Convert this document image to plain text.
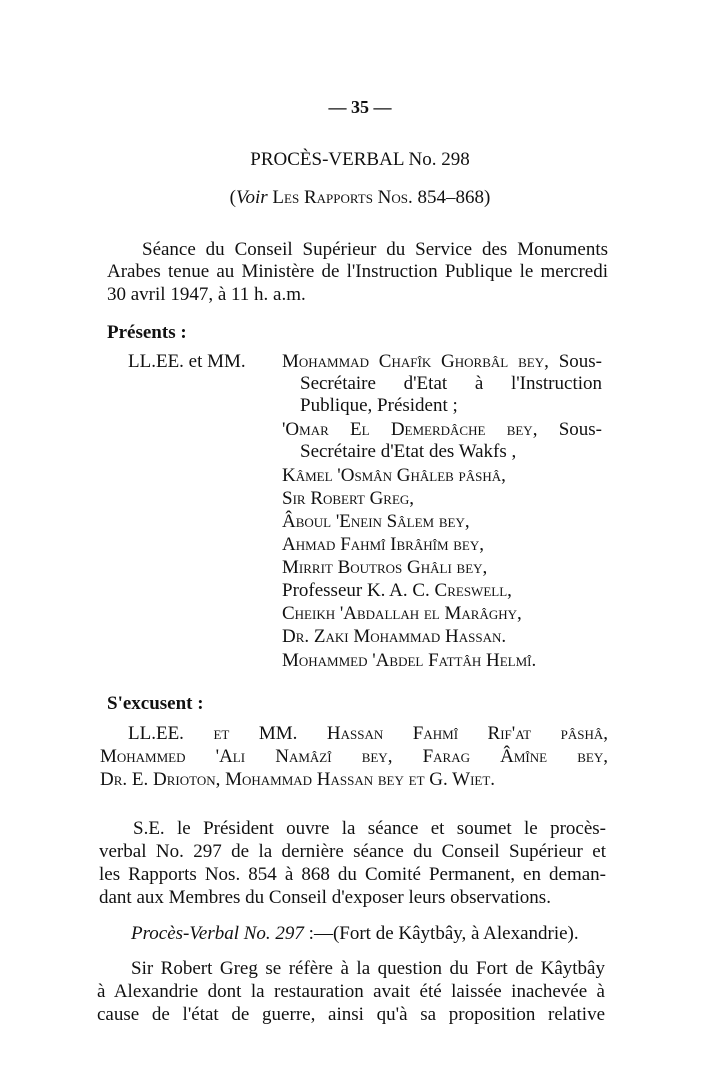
— 35 —
PROCÈS-VERBAL No. 298
(Voir Les Rapports Nos. 854–868)
Séance du Conseil Supérieur du Service des Monuments
Arabes tenue au Ministère de l'Instruction Publique le mercredi
30 avril 1947, à 11 h. a.m.
Présents :
LL.EE. et MM. Mohammad Chafîk Ghorbâl bey, Sous-
Secrétaire d'Etat à l'Instruction
Publique, Président ;
'Omar El Demerdâche bey, Sous-
Secrétaire d'Etat des Wakfs ,
Kâmel 'Osmân Ghâleb pâshâ,
Sir Robert Greg,
Âboul 'Enein Sâlem bey,
Ahmad Fahmî Ibrâhîm bey,
Mirrit Boutros Ghâli bey,
Professeur K. A. C. Creswell,
Cheikh 'Abdallah el Marâghy,
Dr. Zaki Mohammad Hassan.
Mohammed 'Abdel Fattâh Helmî.
S'excusent :
LL.EE. et MM. Hassan Fahmî Rif'at pâshâ,
Mohammed 'Ali Namâzî bey, Farag Âmîne bey,
Dr. E. Drioton, Mohammad Hassan bey et G. Wiet.
S.E. le Président ouvre la séance et soumet le procès-
verbal No. 297 de la dernière séance du Conseil Supérieur et
les Rapports Nos. 854 à 868 du Comité Permanent, en deman-
dant aux Membres du Conseil d'exposer leurs observations.
Procès-Verbal No. 297 :—(Fort de Kâytbây, à Alexandrie).
Sir Robert Greg se réfère à la question du Fort de Kâytbây
à Alexandrie dont la restauration avait été laissée inachevée à
cause de l'état de guerre, ainsi qu'à sa proposition relative
